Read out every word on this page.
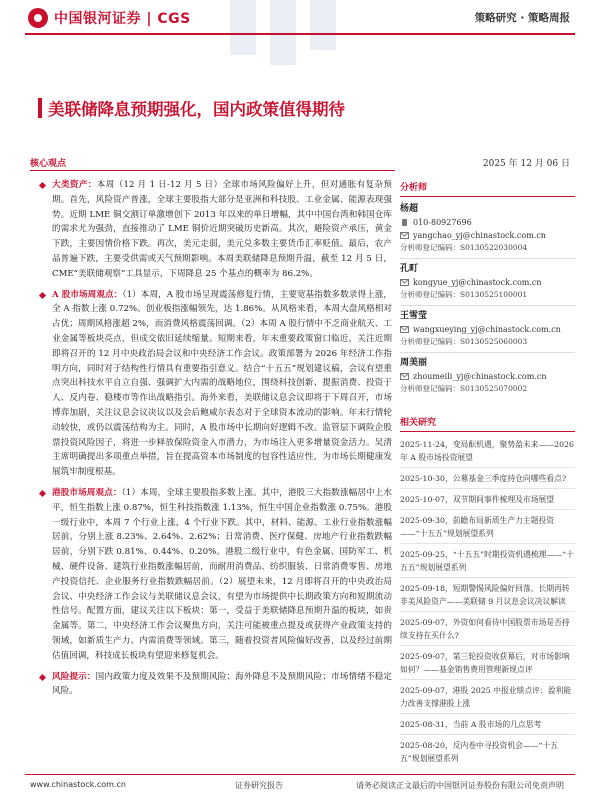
中国银河证券 | CGS	策略研究 · 策略周报
美联储降息预期强化，国内政策值得期待
核心观点	2025 年 12 月 06 日

大类资产：本周（12 月 1 日-12 月 5 日）全球市场风险偏好上升，但对通胀有复杂预期。首先，风险资产普涨，全球主要股指大部分是亚洲和科技股、工业金属、能源表现强势。近期 LME 铜交割订单激增创下 2013 年以来的单日增幅，其中中国台湾和韩国仓库的需求尤为强劲，直接推动了 LME 铜价近期突破历史新高。其次，避险资产承压，黄金下跌，主要因情价格下跌。再次，美元走弱，美元兑多数主要货币汇率贬值。最后，农产品普遍下跌，主要受供需或天气预期影响。本周美联储降息预期升温，截至 12 月 5 日，CME“美联储观察”工具显示，下周降息 25 个基点的概率为 86.2%。

A 股市场周观点：（1）本周，A 股市场呈现震荡修复行情，主要宽基指数多数录得上涨，全 A 指数上涨 0.72%。创业板指涨幅领先，达 1.86%。从风格来看，本周大盘风格相对占优；周期风格涨超 2%，而消费风格震荡回调。（2）本周 A 股行情中不乏商业航天、工业金属等板块亮点，但成交依旧延续缩量。短期来看，年末重要政策窗口临近，关注近期即将召开的 12 月中央政治局会议和中央经济工作会议。政策部署为 2026 年经济工作指明方向，同时对于结构性行情具有重要指引意义。结合“十五五”规划建议稿，会议有望重点突出科技水平自立自强、强调扩大内需的战略地位，围绕科技创新、提振消费、投资于人、反内卷、稳楼市等作出战略指引。海外来看，美联储议息会议即将于下周召开，市场博弈加剧，关注议息会议决议以及会后鲍威尔表态对于全球资本流动的影响。年末行情轮动较快，或仍以震荡结构为主。同时，A 股市场中长期向好逻辑不改。监管层下调险企股票投资风险因子，将进一步释放保险资金入市潜力，为市场注入更多增量资金活力。吴清主席明确提出多项重点举措，旨在提高资本市场制度的包容性适应性，为市场长期健康发展筑牢制度根基。

港股市场周观点：（1）本周，全球主要股指多数上涨。其中，港股三大指数涨幅居中上水平，恒生指数上涨 0.87%，恒生科技指数涨 1.13%，恒生中国企业指数涨 0.75%。港股一级行业中，本周 7 个行业上涨，4 个行业下跌。其中，材料、能源、工业行业指数涨幅居前，分别上涨 8.23%、2.64%、2.62%；日常消费、医疗保健、房地产行业指数跌幅居前，分别下跌 0.81%、0.44%、0.20%。港股二级行业中，有色金属、国防军工、机械、硬件设备、建筑行业指数涨幅居前，而耐用消费品、纺织服装、日常消费零售、房地产投资信托、企业服务行业指数跌幅居前。（2）展望未来，12 月即将召开的中央政治局会议、中央经济工作会议与美联储议息会议，有望为市场提供中长期政策方向和短期流动性信号。配置方面，建议关注以下板块：第一，受益于美联储降息预期升温的板块，如贵金属等。第二，中央经济工作会议聚焦方向，关注可能被重点提及或获得产业政策支持的领域，如新质生产力、内需消费等领域。第三，随着投资者风险偏好改善，以及经过前期估值回调，科技成长板块有望迎来修复机会。

风险提示：国内政策力度及效果不及预期风险；海外降息不及预期风险；市场情绪不稳定风险。

分析师
杨超
010-80927696
yangchao_yj@chinastock.com.cn
分析师登记编码：S0130522030004
孔町
kongyue_yj@chinastock.com.cn
分析师登记编码：S0130525100001
王雪莹
wangxueying_yj@chinastock.com.cn
分析师登记编码：S0130525060003
周美丽
zhoumeili_yj@chinastock.com.cn
分析师登记编码：S0130525070002
相关研究
2025-11-24，变局酝机遇，聚势盈未来——2026 年 A 股市场投资展望
2025-10-30，公募基金三季度持仓向哪些看点?
2025-10-07，双节期间事件梳理及市场展望
2025-09-30，前瞻布局新质生产力主题投资——“十五五”规划展望系列
2025-09-25，“十五五”时期投资机遇梳理——“十五五”规划展望系列
2025-09-18，短期警惕风险偏好回落，长期再转非美风险资产——美联储 9 月议息会议决议解读
2025-09-07，外资如何看待中国股票市场是否持续支持在买什么?
2025-09-07，第三轮投资收获幕后，对市场影响如何？——基金销售费用管理新规点评
2025-09-07，港股 2025 中报业绩点评：盈利能力改善支撑港股上涨
2025-08-31，当前 A 股市场的几点思考
2025-08-20，反内卷中寻投资机会——“十五五”规划展望系列
www.chinastock.com.cn	证券研究报告	请务必阅读正文最后的中国银河证券股份有限公司免责声明
